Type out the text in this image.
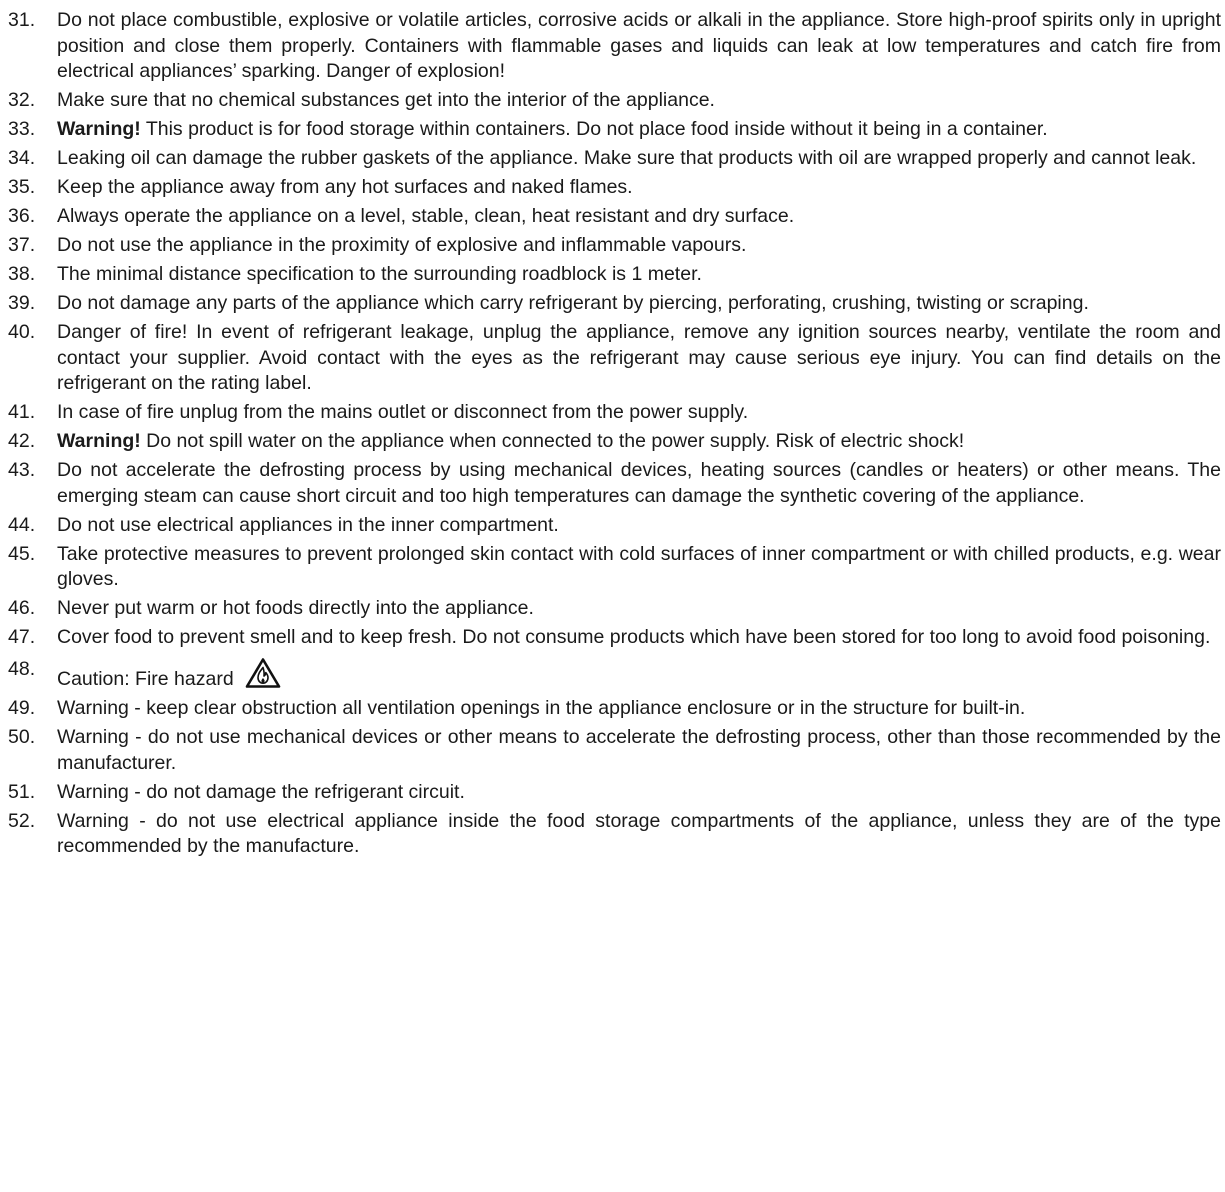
31. Do not place combustible, explosive or volatile articles, corrosive acids or alkali in the appliance. Store high-proof spirits only in upright position and close them properly. Containers with flammable gases and liquids can leak at low temperatures and catch fire from electrical appliances’ sparking. Danger of explosion!
32. Make sure that no chemical substances get into the interior of the appliance.
33. Warning! This product is for food storage within containers. Do not place food inside without it being in a container.
34. Leaking oil can damage the rubber gaskets of the appliance. Make sure that products with oil are wrapped properly and cannot leak.
35. Keep the appliance away from any hot surfaces and naked flames.
36. Always operate the appliance on a level, stable, clean, heat resistant and dry surface.
37. Do not use the appliance in the proximity of explosive and inflammable vapours.
38. The minimal distance specification to the surrounding roadblock is 1 meter.
39. Do not damage any parts of the appliance which carry refrigerant by piercing, perforating, crushing, twisting or scraping.
40. Danger of fire! In event of refrigerant leakage, unplug the appliance, remove any ignition sources nearby, ventilate the room and contact your supplier. Avoid contact with the eyes as the refrigerant may cause serious eye injury. You can find details on the refrigerant on the rating label.
41. In case of fire unplug from the mains outlet or disconnect from the power supply.
42. Warning! Do not spill water on the appliance when connected to the power supply. Risk of electric shock!
43. Do not accelerate the defrosting process by using mechanical devices, heating sources (candles or heaters) or other means. The emerging steam can cause short circuit and too high temperatures can damage the synthetic covering of the appliance.
44. Do not use electrical appliances in the inner compartment.
45. Take protective measures to prevent prolonged skin contact with cold surfaces of inner compartment or with chilled products, e.g. wear gloves.
46. Never put warm or hot foods directly into the appliance.
47. Cover food to prevent smell and to keep fresh. Do not consume products which have been stored for too long to avoid food poisoning.
48. Caution: Fire hazard
49. Warning - keep clear obstruction all ventilation openings in the appliance enclosure or in the structure for built-in.
50. Warning - do not use mechanical devices or other means to accelerate the defrosting process, other than those recommended by the manufacturer.
51. Warning - do not damage the refrigerant circuit.
52. Warning - do not use electrical appliance inside the food storage compartments of the appliance, unless they are of the type recommended by the manufacture.
